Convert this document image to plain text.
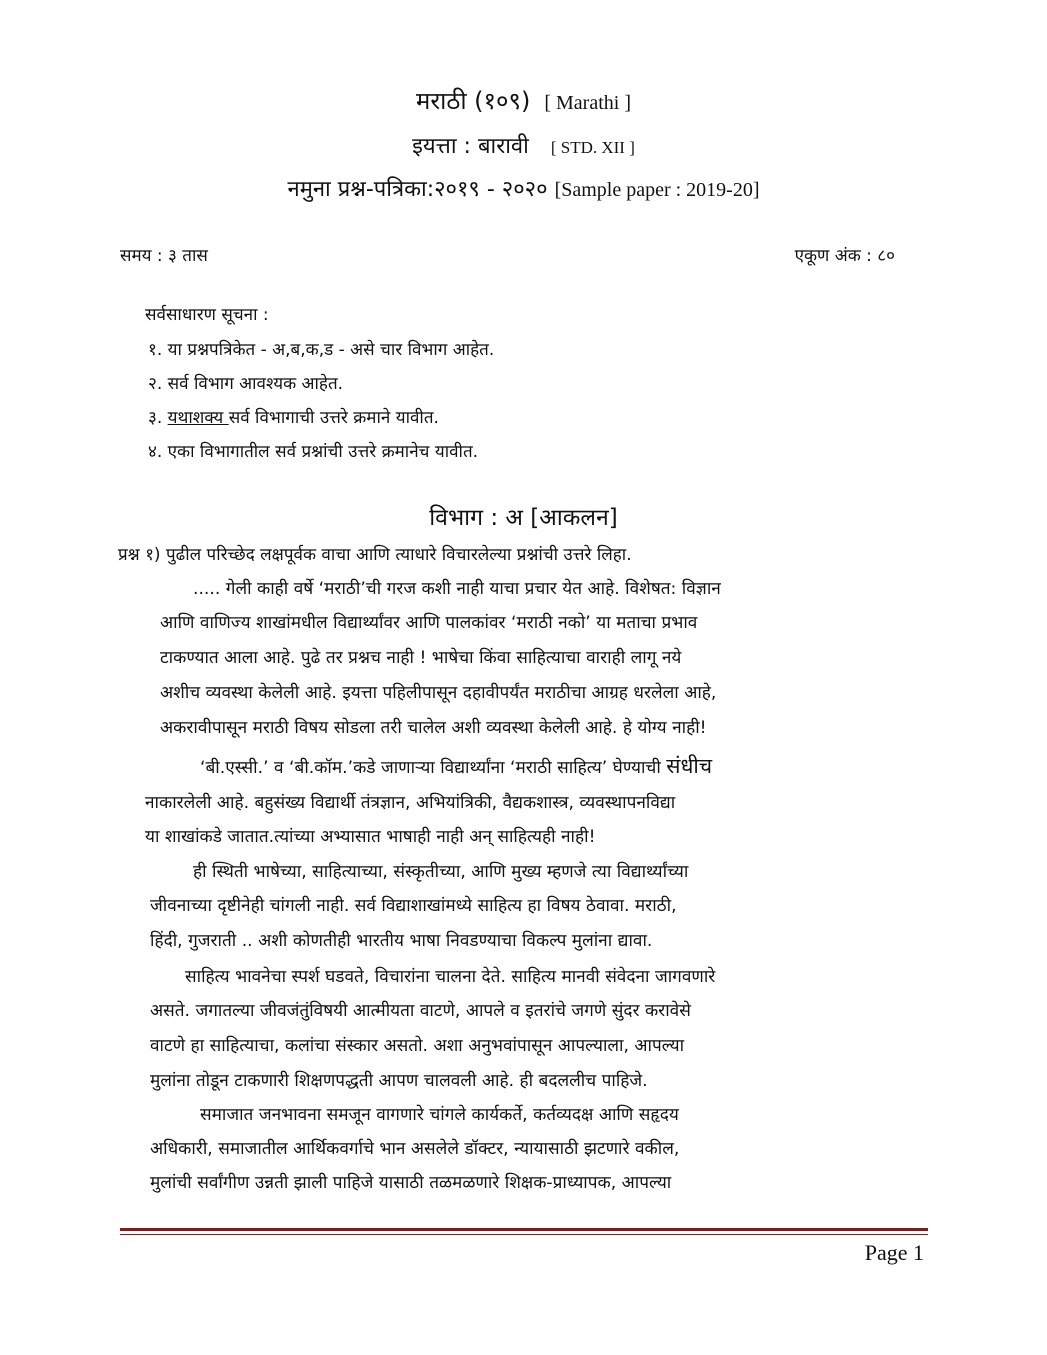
मराठी (१०९) [ Marathi ]
इयत्ता : बारावी [ STD. XII ]
नमुना प्रश्न-पत्रिका:२०१९ - २०२० [Sample paper : 2019-20]
समय : ३ तास	एकूण अंक : ८०
सर्वसाधारण सूचना :
१. या प्रश्नपत्रिकेत - अ,ब,क,ड - असे चार विभाग आहेत.
२. सर्व विभाग आवश्यक आहेत.
३. यथाशक्य सर्व विभागाची उत्तरे क्रमाने यावीत.
४. एका विभागातील सर्व प्रश्नांची उत्तरे क्रमानेच यावीत.
विभाग : अ [आकलन]
प्रश्न १) पुढील परिच्छेद लक्षपूर्वक वाचा आणि त्याधारे विचारलेल्या प्रश्नांची उत्तरे लिहा.
..... गेली काही वर्षे ‘मराठी’ची गरज कशी नाही याचा प्रचार येत आहे. विशेषत: विज्ञान
आणि वाणिज्य शाखांमधील विद्यार्थ्यांवर आणि पालकांवर ‘मराठी नको’ या मताचा प्रभाव
टाकण्यात आला आहे. पुढे तर प्रश्नच नाही ! भाषेचा किंवा साहित्याचा वाराही लागू नये
अशीच व्यवस्था केलेली आहे. इयत्ता पहिलीपासून दहावीपर्यंत मराठीचा आग्रह धरलेला आहे,
अकरावीपासून मराठी विषय सोडला तरी चालेल अशी व्यवस्था केलेली आहे. हे योग्य नाही!
‘बी.एस्सी.’ व ‘बी.कॉम.’कडे जाणाऱ्या विद्यार्थ्यांना ‘मराठी साहित्य’ घेण्याची संधीच
नाकारलेली आहे. बहुसंख्य विद्यार्थी तंत्रज्ञान, अभियांत्रिकी, वैद्यकशास्त्र, व्यवस्थापनविद्या
या शाखांकडे जातात.त्यांच्या अभ्यासात भाषाही नाही अन् साहित्यही नाही!
ही स्थिती भाषेच्या, साहित्याच्या, संस्कृतीच्या, आणि मुख्य म्हणजे त्या विद्यार्थ्यांच्या
जीवनाच्या दृष्टीनेही चांगली नाही. सर्व विद्याशाखांमध्ये साहित्य हा विषय ठेवावा. मराठी,
हिंदी, गुजराती .. अशी कोणतीही भारतीय भाषा निवडण्याचा विकल्प मुलांना द्यावा.
साहित्य भावनेचा स्पर्श घडवते, विचारांना चालना देते. साहित्य मानवी संवेदना जागवणारे
असते. जगातल्या जीवजंतुंविषयी आत्मीयता वाटणे, आपले व इतरांचे जगणे सुंदर करावेसे
वाटणे हा साहित्याचा, कलांचा संस्कार असतो. अशा अनुभवांपासून आपल्याला, आपल्या
मुलांना तोडून टाकणारी शिक्षणपद्धती आपण चालवली आहे. ही बदललीच पाहिजे.
समाजात जनभावना समजून वागणारे चांगले कार्यकर्ते, कर्तव्यदक्ष आणि सहृदय
अधिकारी, समाजातील आर्थिकवर्गाचे भान असलेले डॉक्टर, न्यायासाठी झटणारे वकील,
मुलांची सर्वांगीण उन्नती झाली पाहिजे यासाठी तळमळणारे शिक्षक-प्राध्यापक, आपल्या
Page 1
